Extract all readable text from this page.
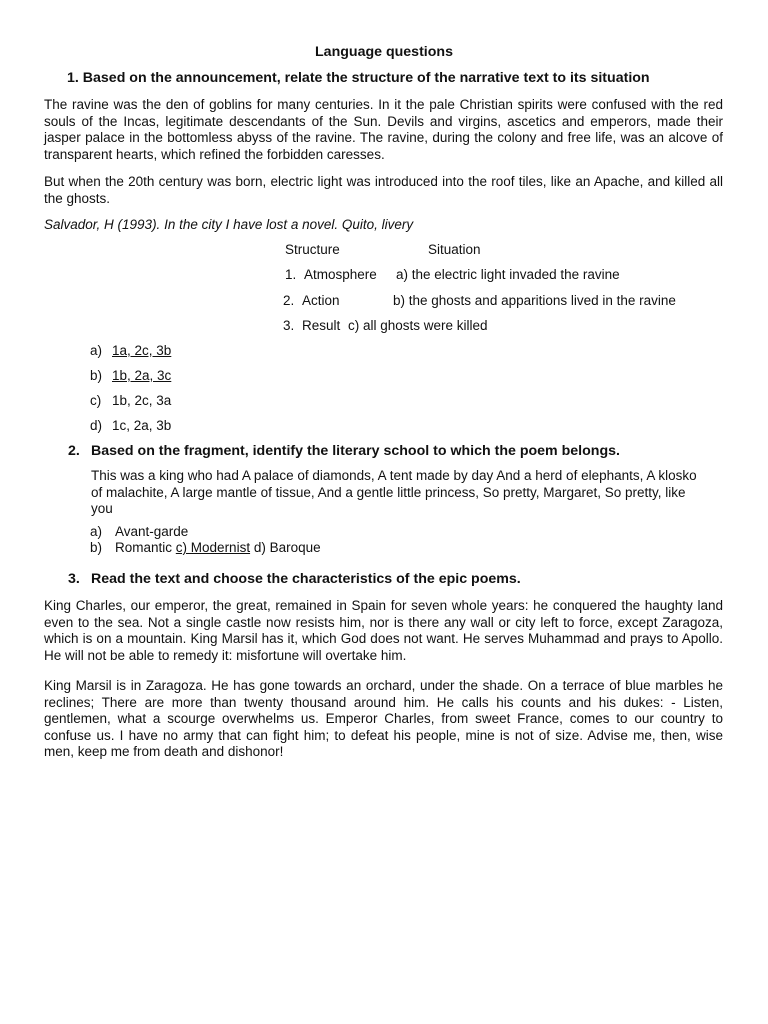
Language questions
1. Based on the announcement, relate the structure of the narrative text to its situation
The ravine was the den of goblins for many centuries. In it the pale Christian spirits were confused with the red souls of the Incas, legitimate descendants of the Sun. Devils and virgins, ascetics and emperors, made their jasper palace in the bottomless abyss of the ravine. The ravine, during the colony and free life, was an alcove of transparent hearts, which refined the forbidden caresses.
But when the 20th century was born, electric light was introduced into the roof tiles, like an Apache, and killed all the ghosts.
Salvador, H (1993). In the city I have lost a novel. Quito, livery
Structure	Situation
1. Atmosphere a) the electric light invaded the ravine
2. Action	b) the ghosts and apparitions lived in the ravine
3. Result c) all ghosts were killed
a) 1a, 2c, 3b
b) 1b, 2a, 3c
c) 1b, 2c, 3a
d) 1c, 2a, 3b
2. Based on the fragment, identify the literary school to which the poem belongs.
This was a king who had A palace of diamonds, A tent made by day And a herd of elephants, A klosko of malachite, A large mantle of tissue, And a gentle little princess, So pretty, Margaret, So pretty, like you
a) Avant-garde
b) Romantic c) Modernist d) Baroque
3. Read the text and choose the characteristics of the epic poems.
King Charles, our emperor, the great, remained in Spain for seven whole years: he conquered the haughty land even to the sea. Not a single castle now resists him, nor is there any wall or city left to force, except Zaragoza, which is on a mountain. King Marsil has it, which God does not want. He serves Muhammad and prays to Apollo. He will not be able to remedy it: misfortune will overtake him.
King Marsil is in Zaragoza. He has gone towards an orchard, under the shade. On a terrace of blue marbles he reclines; There are more than twenty thousand around him. He calls his counts and his dukes: - Listen, gentlemen, what a scourge overwhelms us. Emperor Charles, from sweet France, comes to our country to confuse us. I have no army that can fight him; to defeat his people, mine is not of size. Advise me, then, wise men, keep me from death and dishonor!
